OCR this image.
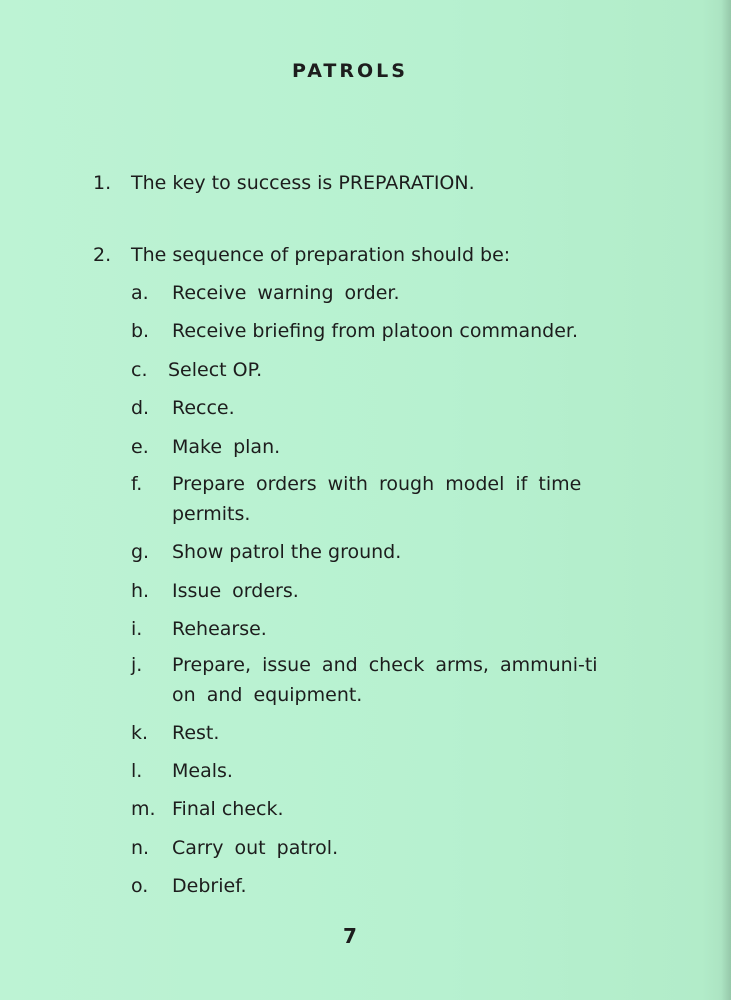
PATROLS
1. The key to success is PREPARATION.
2. The sequence of preparation should be:
a. Receive warning order.
b. Receive briefing from platoon commander.
c. Select OP.
d. Recce.
e. Make plan.
f. Prepare orders with rough model if time permits.
g. Show patrol the ground.
h. Issue orders.
i. Rehearse.
j. Prepare, issue and check arms, ammuni-tion and equipment.
k. Rest.
l. Meals.
m. Final check.
n. Carry out patrol.
o. Debrief.
7
